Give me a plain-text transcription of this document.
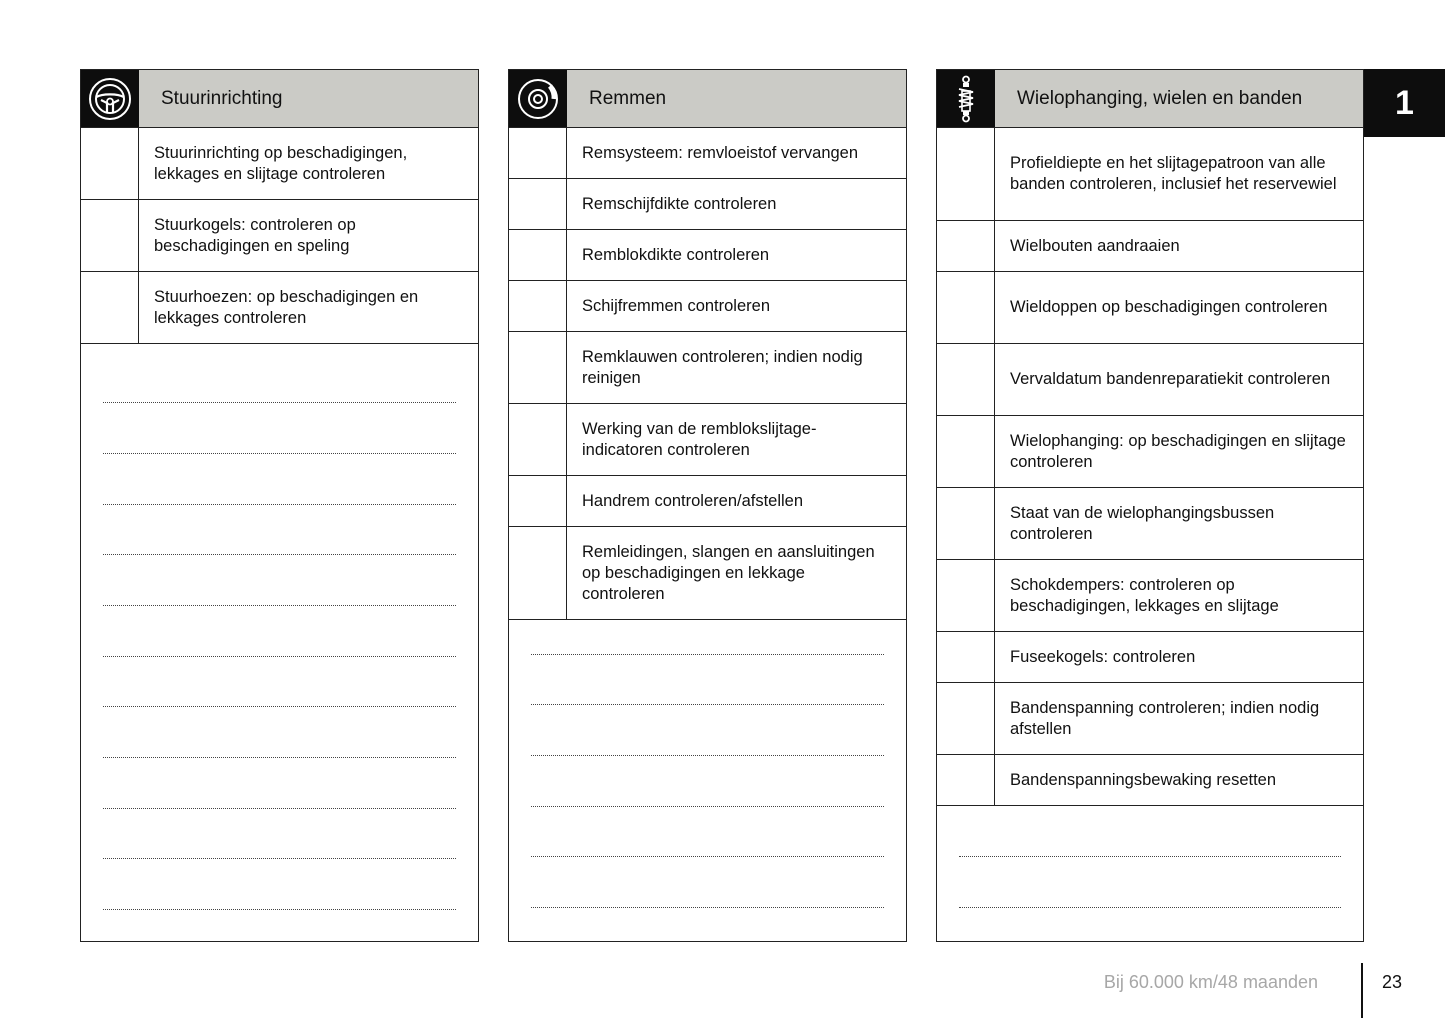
Stuurinrichting
Stuurinrichting op beschadigingen, lekkages en slijtage controleren
Stuurkogels: controleren op beschadigingen en speling
Stuurhoezen: op beschadigingen en lekkages controleren
Remmen
Remsysteem: remvloeistof vervangen
Remschijfdikte controleren
Remblokdikte controleren
Schijfremmen controleren
Remklauwen controleren; indien nodig reinigen
Werking van de remblokslijtage-indicatoren controleren
Handrem controleren/afstellen
Remleidingen, slangen en aansluitingen op beschadigingen en lekkage controleren
Wielophanging, wielen en banden
Profieldiepte en het slijtagepatroon van alle banden controleren, inclusief het reservewiel
Wielbouten aandraaien
Wieldoppen op beschadigingen controleren
Vervaldatum bandenreparatiekit controleren
Wielophanging: op beschadigingen en slijtage controleren
Staat van de wielophangingsbussen controleren
Schokdempers: controleren op beschadigingen, lekkages en slijtage
Fuseekogels: controleren
Bandenspanning controleren; indien nodig afstellen
Bandenspanningsbewaking resetten
1
Bij 60.000 km/48 maanden	23
